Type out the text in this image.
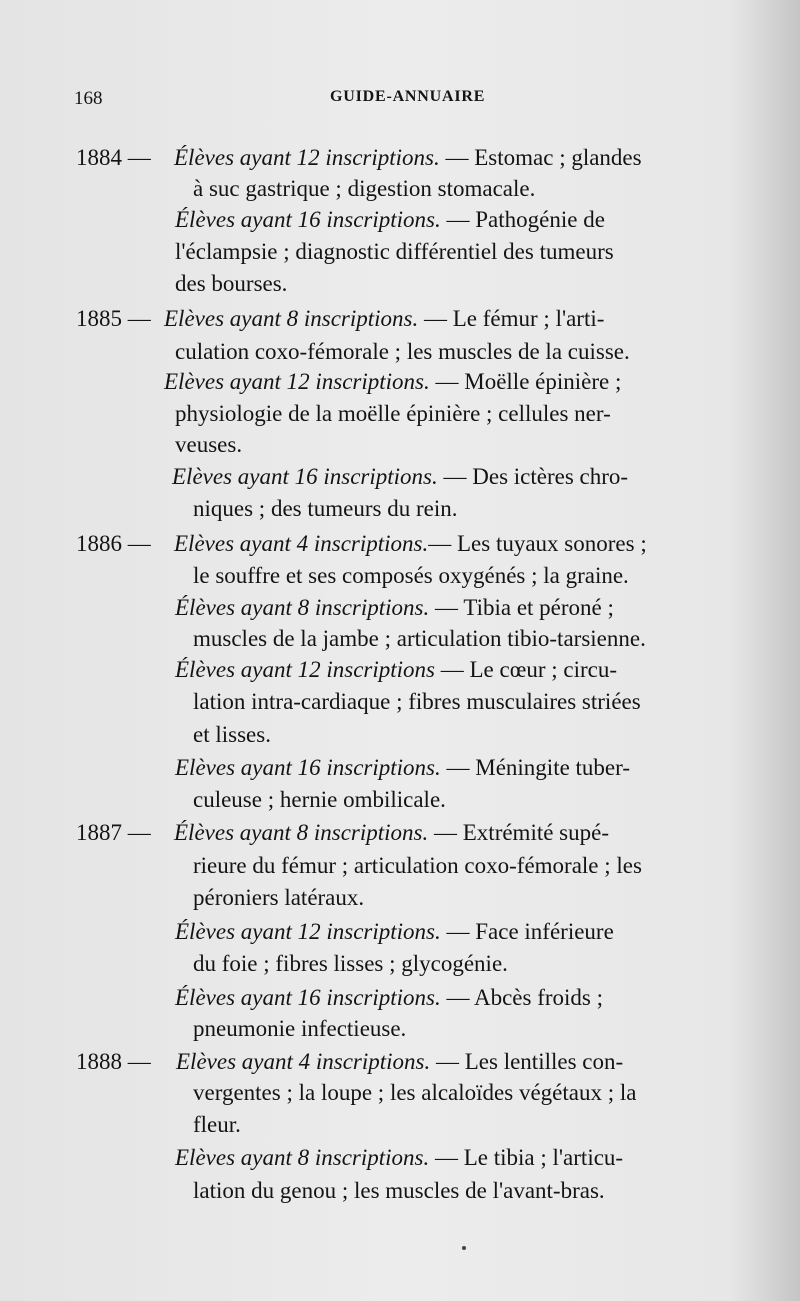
168	GUIDE-ANNUAIRE
1884 — Élèves ayant 12 inscriptions. — Estomac ; glandes
à suc gastrique ; digestion stomacale.
Élèves ayant 16 inscriptions. — Pathogénie de
l'éclampsie ; diagnostic différentiel des tumeurs
des bourses.
1885 — Elèves ayant 8 inscriptions. — Le fémur ; l'arti-
culation coxo-fémorale ; les muscles de la cuisse.
Elèves ayant 12 inscriptions. — Moëlle épinière ;
physiologie de la moëlle épinière ; cellules ner-
veuses.
Elèves ayant 16 inscriptions. — Des ictères chro-
niques ; des tumeurs du rein.
1886 — Elèves ayant 4 inscriptions.— Les tuyaux sonores ;
le souffre et ses composés oxygénés ; la graine.
Élèves ayant 8 inscriptions. — Tibia et péroné ;
muscles de la jambe ; articulation tibio-tarsienne.
Élèves ayant 12 inscriptions — Le cœur ; circu-
lation intra-cardiaque ; fibres musculaires striées
et lisses.
Elèves ayant 16 inscriptions. — Méningite tuber-
culeuse ; hernie ombilicale.
1887 — Élèves ayant 8 inscriptions. — Extrémité supé-
rieure du fémur ; articulation coxo-fémorale ; les
péroniers latéraux.
Élèves ayant 12 inscriptions. — Face inférieure
du foie ; fibres lisses ; glycogénie.
Élèves ayant 16 inscriptions. — Abcès froids ;
pneumonie infectieuse.
1888 — Elèves ayant 4 inscriptions. — Les lentilles con-
vergentes ; la loupe ; les alcaloïdes végétaux ; la
fleur.
Elèves ayant 8 inscriptions. — Le tibia ; l'articu-
lation du genou ; les muscles de l'avant-bras.
